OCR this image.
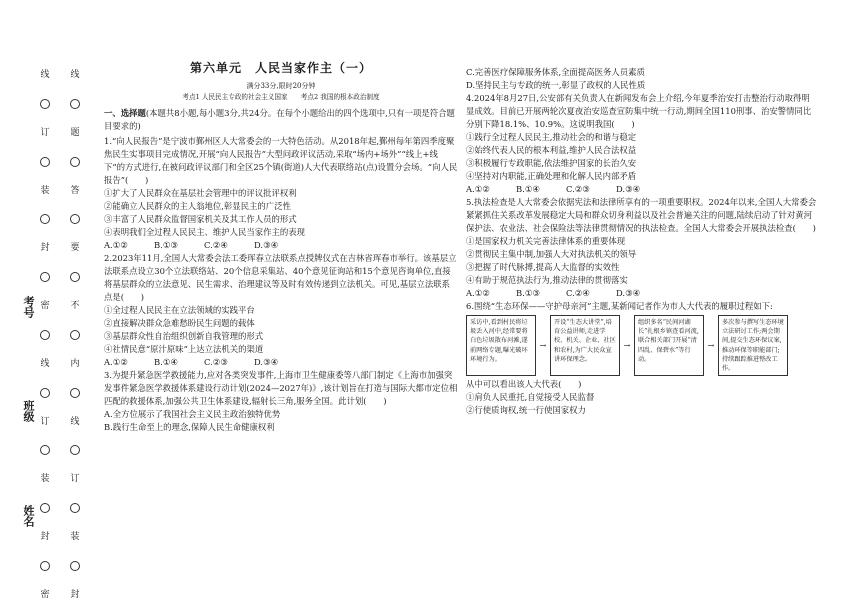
姓名
班级
考号
线
订
装
封
密
线
订
装
封
密
线
题
答
要
不
内
线
订
装
封

第六单元　人民当家作主（一）

满分33分,限时20分钟

考点1 人民民主专政的社会主义国家　　考点2 我国的根本政治制度

一、选择题(本题共8小题,每小题3分,共24分。在每个小题给出的四个选项中,只有一项是符合题目要求的)

1.“向人民报告”是宁波市鄞州区人大常委会的一大特色活动。从2018年起,鄞州每年第四季度聚焦民生实事项目完成情况,开展“向人民报告”大型问政评议活动,采取“场内+场外”“线上+线下”的方式进行,在被问政评议部门和全区25个镇(街道)人大代表联络站(点)设置分会场。“向人民报告”(　　)

①扩大了人民群众在基层社会管理中的评议批评权利

②能确立人民群众的主人翁地位,彰显民主的广泛性

③丰富了人民群众监督国家机关及其工作人员的形式

④表明我们全过程人民民主、维护人民当家作主的表现

A.①②	B.①③	C.②④	D.③④

2.2023年11月,全国人大常委会法工委珲春立法联系点授牌仪式在吉林省珲春市举行。该基层立法联系点设立30个立法联络站、20个信息采集站、40个意见征询站和15个意见咨询单位,直接将基层群众的立法意见、民生需求、治理建议等及时有效传递到立法机关。可见,基层立法联系点是(　　)

①全过程人民民主在立法领域的实践平台

②直接解决群众急难愁盼民生问题的载体

③基层群众性自治组织创新自我管理的形式

④社情民意“原汁原味”上达立法机关的渠道

A.①②	B.①④	C.②③	D.③④

3.为提升紧急医学救援能力,应对各类突发事件,上海市卫生健康委等八部门制定《上海市加强突发事件紧急医学救援体系建设行动计划(2024—2027年)》,该计划旨在打造与国际大都市定位相匹配的救援体系,加强公共卫生体系建设,辐射长三角,服务全国。此计划(　　)

A.全方位展示了我国社会主义民主政治独特优势

B.践行生命至上的理念,保障人民生命健康权利

C.完善医疗保障服务体系,全面提高医务人员素质

D.坚持民主与专政的统一,彰显了政权的人民性质

4.2024年8月27日,公安部有关负责人在新闻发布会上介绍,今年夏季治安打击整治行动取得明显成效。目前已开展两轮次夏夜治安巡查宣防集中统一行动,期间全国110刑事、治安警情同比分别下降18.1%、10.9%。这说明我国(　　)

①践行全过程人民民主,推动社会的和谐与稳定

②始终代表人民的根本利益,维护人民合法权益

③积极履行专政职能,依法维护国家的长治久安

④坚持对内职能,正确处理和化解人民内部矛盾

A.①②	B.①④	C.②③	D.③④

5.执法检查是人大常委会依据宪法和法律所享有的一项重要职权。2024年以来,全国人大常委会紧紧抓住关系改革发展稳定大局和群众切身利益以及社会普遍关注的问题,陆续启动了针对黄河保护法、农业法、社会保险法等法律贯彻情况的执法检查。全国人大常委会开展执法检查(　　)

①是国家权力机关完善法律体系的重要体现

②贯彻民主集中制,加强人大对执法机关的领导

③把握了时代脉搏,提高人大监督的实效性

④有助于规范执法行为,推动法律的贯彻落实

A.①②	B.①③	C.②④	D.③④

6.围绕“生态环保——守护母亲河”主题,某新闻记者作为市人大代表的履职过程如下:

采访中,看到村民将垃圾丢入河中,经常要将白色垃圾散布河滩,遂前网络专题,曝光破坏环境行为。
→
开设“生态大讲堂”,培育公益讲师,走进学校、机关、企业、社区和农村,为广大民众宣讲环保理念。
→
组织多名“民间河湖长”扎根乡镇查看河流,联合相关部门开展“清四乱、保碧水”等行动。
→
多次参与撰写生态环境立法研讨工作;两会期间,提交生态环保议案,推动环保等职能部门;持续跟踪推进整改工作。

从中可以看出该人大代表(　　)

①肩负人民重托,自觉接受人民监督

②行使质询权,统一行使国家权力
